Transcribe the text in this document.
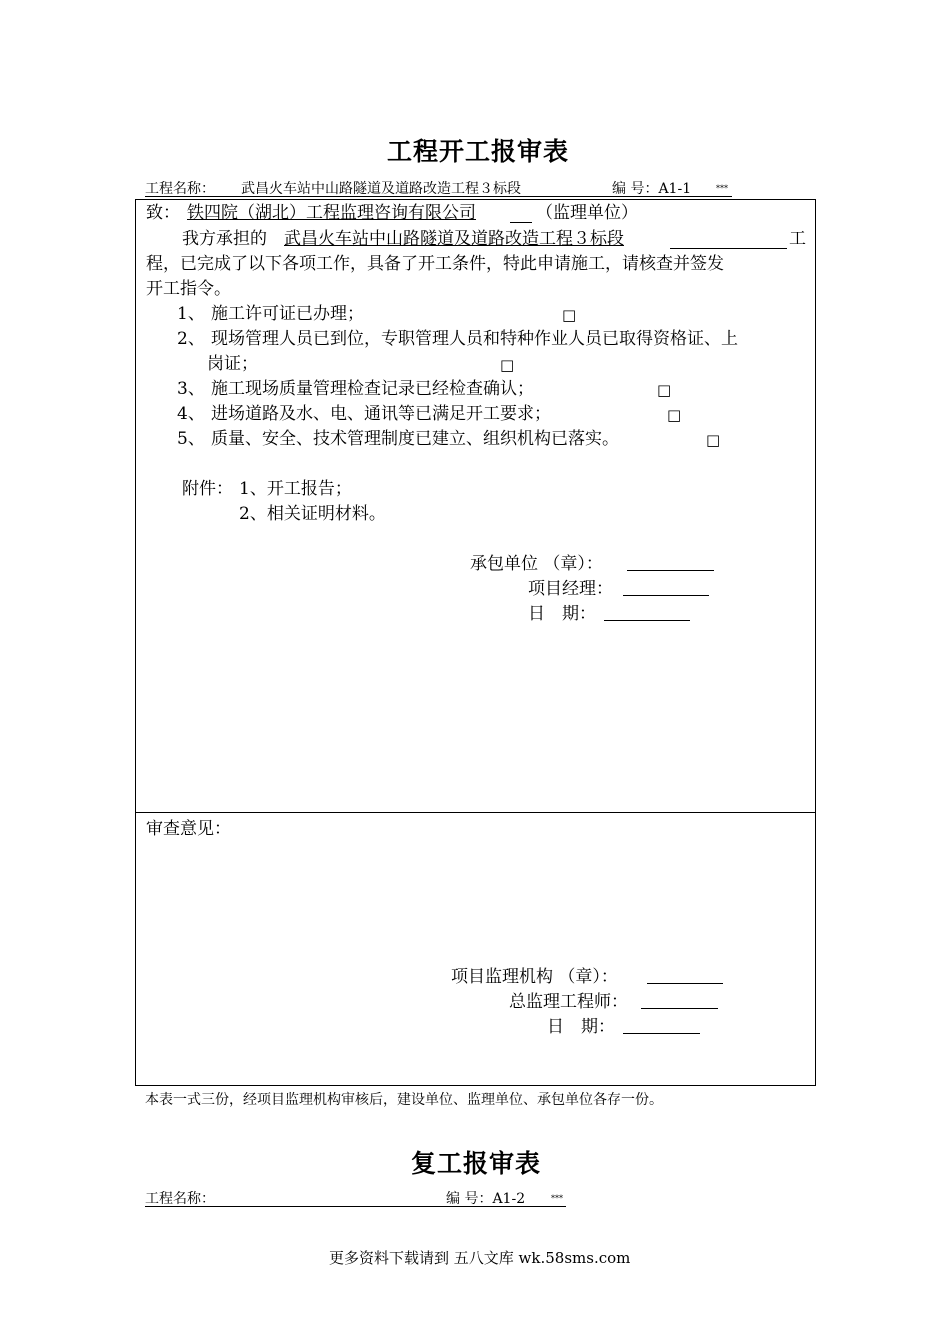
工程开工报审表
工程名称： 武昌火车站中山路隧道及道路改造工程３标段	编 号：A1-1	***
致： 铁四院（湖北）工程监理咨询有限公司	（监理单位）
我方承担的 武昌火车站中山路隧道及道路改造工程３标段	工
程，已完成了以下各项工作，具备了开工条件，特此申请施工，请核查并签发
开工指令。
1、 施工许可证已办理；	□
2、 现场管理人员已到位，专职管理人员和特种作业人员已取得资格证、上
岗证；	□
3、 施工现场质量管理检查记录已经检查确认；	□
4、 进场道路及水、电、通讯等已满足开工要求；	□
5、 质量、安全、技术管理制度已建立、组织机构已落实。	□
附件： 1、开工报告；
2、相关证明材料。
承包单位 （章）：
项目经理：
日　期：
审查意见：
项目监理机构 （章）：
总监理工程师：
日　期：
本表一式三份，经项目监理机构审核后，建设单位、监理单位、承包单位各存一份。
复工报审表
工程名称：	编 号：A1-2	***
更多资料下载请到 五八文库 wk.58sms.com
